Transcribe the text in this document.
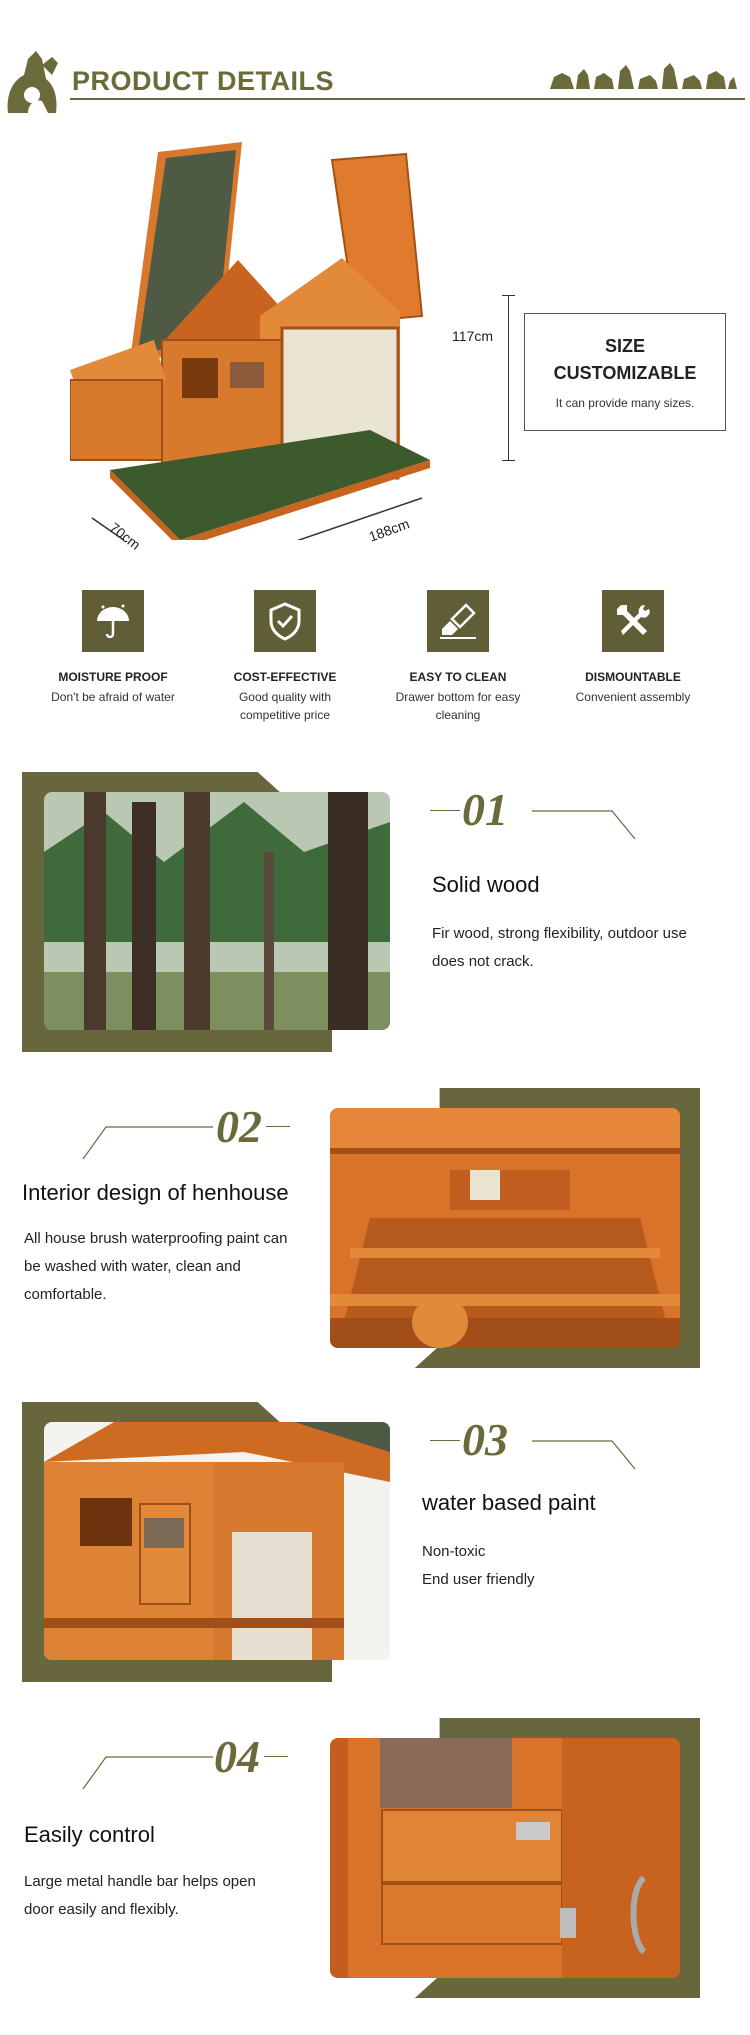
PRODUCT DETAILS
117cm
70cm	188cm
SIZE
CUSTOMIZABLE
It can provide many sizes.
MOISTURE PROOF
Don't be afraid of water
COST-EFFECTIVE
Good quality with competitive price
EASY TO CLEAN
Drawer bottom for easy cleaning
DISMOUNTABLE
Convenient assembly
01
Solid wood
Fir wood, strong flexibility, outdoor use does not crack.
02
Interior design of henhouse
All house brush waterproofing paint can be washed with water, clean and comfortable.
03
water based paint
Non-toxic
End user friendly
04
Easily control
Large metal handle bar helps open door easily and flexibly.
